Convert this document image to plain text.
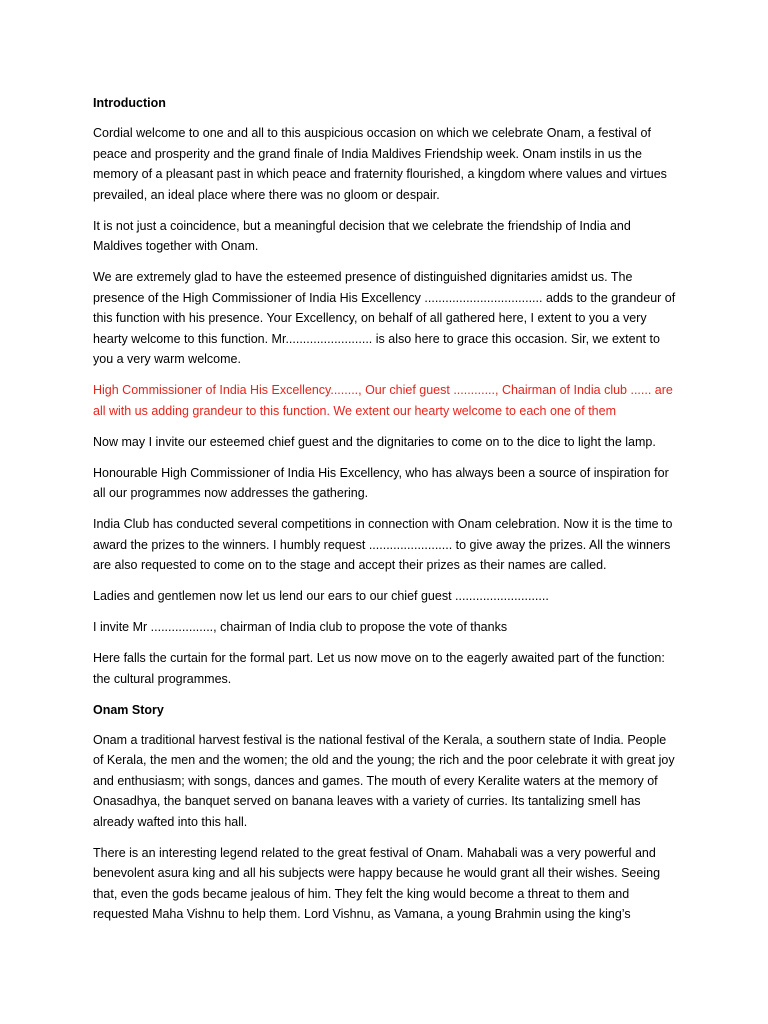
Introduction

Cordial welcome to one and all to this auspicious occasion on which we celebrate Onam, a festival of peace and prosperity and the grand finale of India Maldives Friendship week. Onam instils in us the memory of a pleasant past in which peace and fraternity flourished, a kingdom where values and virtues prevailed, an ideal place where there was no gloom or despair.

It is not just a coincidence, but a meaningful decision that we celebrate the friendship of India and Maldives together with Onam.

We are extremely glad to have the esteemed presence of distinguished dignitaries amidst us. The presence of the High Commissioner of India His Excellency .................................. adds to the grandeur of this function with his presence. Your Excellency, on behalf of all gathered here, I extent to you a very hearty welcome to this function. Mr......................... is also here to grace this occasion. Sir, we extent to you a very warm welcome.

High Commissioner of India His Excellency........, Our chief guest ............, Chairman of India club ...... are all with us adding grandeur to this function. We extent our hearty welcome to each one of them

Now may I invite our esteemed chief guest and the dignitaries to come on to the dice to light the lamp.

Honourable High Commissioner of India His Excellency, who has always been a source of inspiration for all our programmes now addresses the gathering.

India Club has conducted several competitions in connection with Onam celebration. Now it is the time to award the prizes to the winners. I humbly request ........................ to give away the prizes. All the winners are also requested to come on to the stage and accept their prizes as their names are called.

Ladies and gentlemen now let us lend our ears to our chief guest ...........................

I invite Mr .................., chairman of India club to propose the vote of thanks

Here falls the curtain for the formal part. Let us now move on to the eagerly awaited part of the function: the cultural programmes.

Onam Story

Onam a traditional harvest festival is the national festival of the Kerala, a southern state of India. People of Kerala, the men and the women; the old and the young; the rich and the poor celebrate it with great joy and enthusiasm; with songs, dances and games. The mouth of every Keralite waters at the memory of Onasadhya, the banquet served on banana leaves with a variety of curries. Its tantalizing smell has already wafted into this hall.

There is an interesting legend related to the great festival of Onam. Mahabali was a very powerful and benevolent asura king and all his subjects were happy because he would grant all their wishes. Seeing that, even the gods became jealous of him. They felt the king would become a threat to them and requested Maha Vishnu to help them. Lord Vishnu, as Vamana, a young Brahmin using the king’s
